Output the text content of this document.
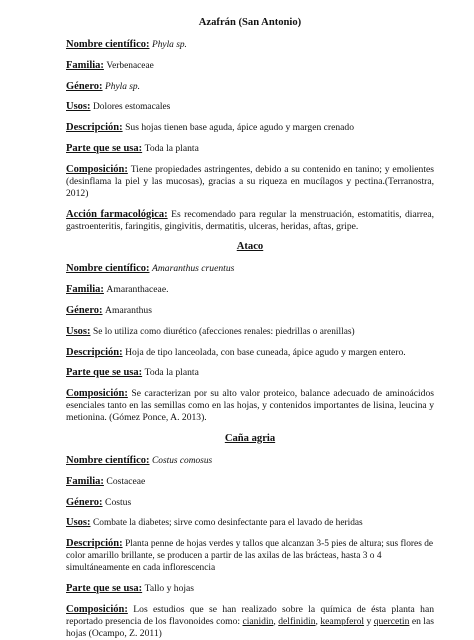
Azafrán (San Antonio)

Nombre científico: Phyla sp.

Familia: Verbenaceae

Género: Phyla sp.

Usos: Dolores estomacales

Descripción: Sus hojas tienen base aguda, ápice agudo y margen crenado

Parte que se usa: Toda la planta

Composición: Tiene propiedades astringentes, debido a su contenido en tanino; y emolientes (desinflama la piel y las mucosas), gracias a su riqueza en mucílagos y pectina.(Terranostra, 2012)

Acción farmacológica: Es recomendado para regular la menstruación, estomatitis, diarrea, gastroenteritis, faringitis, gingivitis, dermatitis, ulceras, heridas, aftas, gripe.

Ataco

Nombre científico: Amaranthus cruentus

Familia: Amaranthaceae.

Género: Amaranthus

Usos: Se lo utiliza como diurético (afecciones renales: piedrillas o arenillas)

Descripción: Hoja de tipo lanceolada, con base cuneada, ápice agudo y margen entero.

Parte que se usa: Toda la planta

Composición: Se caracterizan por su alto valor proteico, balance adecuado de aminoácidos esenciales tanto en las semillas como en las hojas, y contenidos importantes de lisina, leucina y metionina. (Gómez Ponce, A. 2013).

Caña agria

Nombre científico: Costus comosus

Familia: Costaceae

Género: Costus

Usos: Combate la diabetes; sirve como desinfectante para el lavado de heridas

Descripción: Planta penne de hojas verdes y tallos que alcanzan 3-5 pies de altura; sus flores de color amarillo brillante, se producen a partir de las axilas de las brácteas, hasta 3 o 4 simultáneamente en cada inflorescencia

Parte que se usa: Tallo y hojas

Composición: Los estudios que se han realizado sobre la química de ésta planta han reportado presencia de los flavonoides como: cianidin, delfinidin, keampferol y quercetin en las hojas (Ocampo, Z. 2011)
